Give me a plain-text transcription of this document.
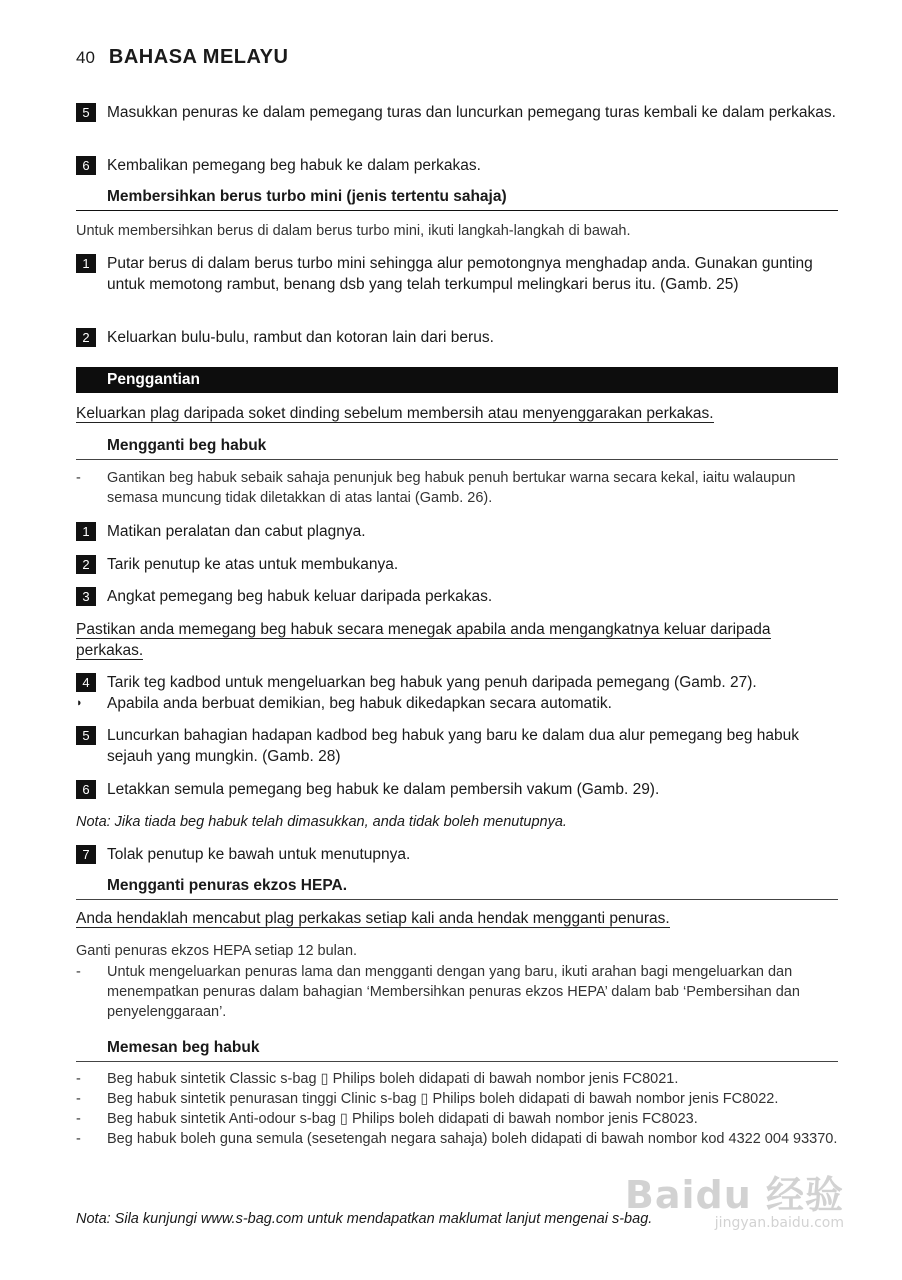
40 BAHASA MELAYU
5	Masukkan penuras ke dalam pemegang turas dan luncurkan pemegang turas kembali ke dalam perkakas.
6	Kembalikan pemegang beg habuk ke dalam perkakas.
Membersihkan berus turbo mini (jenis tertentu sahaja)
Untuk membersihkan berus di dalam berus turbo mini, ikuti langkah-langkah di bawah.
1	Putar berus di dalam berus turbo mini sehingga alur pemotongnya menghadap anda. Gunakan gunting untuk memotong rambut, benang dsb yang telah terkumpul melingkari berus itu. (Gamb. 25)
2	Keluarkan bulu-bulu, rambut dan kotoran lain dari berus.
Penggantian
Keluarkan plag daripada soket dinding sebelum membersih atau menyenggarakan perkakas.
Mengganti beg habuk
-	Gantikan beg habuk sebaik sahaja penunjuk beg habuk penuh bertukar warna secara kekal, iaitu walaupun semasa muncung tidak diletakkan di atas lantai (Gamb. 26).
1	Matikan peralatan dan cabut plagnya.
2	Tarik penutup ke atas untuk membukanya.
3	Angkat pemegang beg habuk keluar daripada perkakas.
Pastikan anda memegang beg habuk secara menegak apabila anda mengangkatnya keluar daripada
perkakas.
4	Tarik teg kadbod untuk mengeluarkan beg habuk yang penuh daripada pemegang (Gamb. 27).
◗	Apabila anda berbuat demikian, beg habuk dikedapkan secara automatik.
5	Luncurkan bahagian hadapan kadbod beg habuk yang baru ke dalam dua alur pemegang beg habuk sejauh yang mungkin. (Gamb. 28)
6	Letakkan semula pemegang beg habuk ke dalam pembersih vakum (Gamb. 29).
Nota: Jika tiada beg habuk telah dimasukkan, anda tidak boleh menutupnya.
7	Tolak penutup ke bawah untuk menutupnya.
Mengganti penuras ekzos HEPA.
Anda hendaklah mencabut plag perkakas setiap kali anda hendak mengganti penuras.
Ganti penuras ekzos HEPA setiap 12 bulan.
-	Untuk mengeluarkan penuras lama dan mengganti dengan yang baru, ikuti arahan bagi mengeluarkan dan menempatkan penuras dalam bahagian ‘Membersihkan penuras ekzos HEPA’ dalam bab ‘Pembersihan dan penyelenggaraan’.
Memesan beg habuk
-	Beg habuk sintetik Classic s-bag ▯ Philips boleh didapati di bawah nombor jenis FC8021.
-	Beg habuk sintetik penurasan tinggi Clinic s-bag ▯ Philips boleh didapati di bawah nombor jenis FC8022.
-	Beg habuk sintetik Anti-odour s-bag ▯ Philips boleh didapati di bawah nombor jenis FC8023.
-	Beg habuk boleh guna semula (sesetengah negara sahaja) boleh didapati di bawah nombor kod 4322 004 93370.
Nota: Sila kunjungi www.s-bag.com untuk mendapatkan maklumat lanjut mengenai s-bag.
Baidu 经验
jingyan.baidu.com
